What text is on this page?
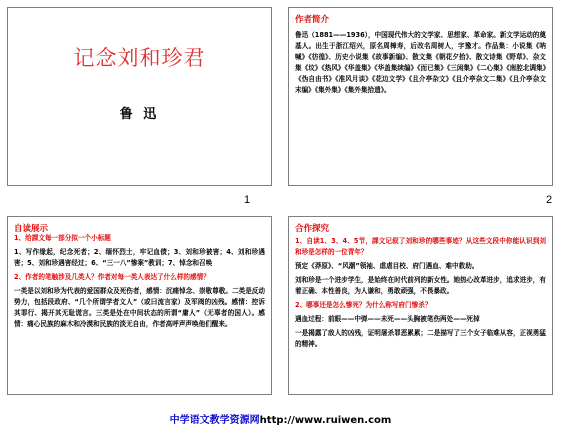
记念刘和珍君
鲁 迅
1
作者简介
鲁迅（1881——1936），中国现代伟大的文学家、思想家、革命家。新文学运动的奠基人。出生于浙江绍兴，原名周樟寿，后改名周树人，字豫才。作品集：小说集《呐喊》《彷徨》、历史小说集《故事新编》、散文集《朝花夕拾》、散文诗集《野草》、杂文集《坟》《热风》《华盖集》《华盖集续编》《而已集》《三闲集》《二心集》《南腔北调集》《伪自由书》《准风月谈》《花边文学》《且介亭杂文》《且介亭杂文二集》《且介亭杂文末编》《集外集》《集外集拾遗》。
2
自读展示

1、给課文每一部分拟一个小标题

1、写作缘起，纪念死者；2、缅怀烈士，牢记血债；3、刘和珍被害；4、刘和珍遇害；5、刘和珍遇害经过；6、“三一八”惨案”教训；7、悼念和召唤

2、作者的笔触涉及几类人？作者对每一类人表达了什么样的感情？

一类是以刘和珍为代表的爱国群众及死伤者，感情：沉痛悼念、崇敬尊敬。二类是反动势力，包括段政府、“几个所谓学者文人”（或曰流言家）及军阀的凶残。感情：控诉其罪行、揭开其无耻谎言。三类是处在中间状态的所谓“庸人”（无辜者的国人）。感情：痛心民族的麻木和冷漠和民族的淡无自由，作者高呼声声唤他们醒来。

合作探究

1、自读1、3、4、5节，課文记叙了刘和珍的哪些事迹？从这些文段中你能认识到刘和珍是怎样的一位青年？

预定《莽原》、“风潮”领袖、虐虐目校、府门遇血、难中救助。

刘和珍是一个进步学生，是始终在时代前列的新女性。她热心改革进步，追求进步，有着正确、本性善良，为人谦和，勇敢顽强，不畏暴政。

2、哪事还是怎么惨死？为什么称写府门惨杀？

遇血过程：前眼——中弹——未死——头胸被笔伤两处——死掉

一是揭露了敌人的凶残，证明屠杀罪恶累累；二是描写了三个女子临难从容，正视勇猛的精神。

中学语文教学资源网http://www.ruiwen.com
